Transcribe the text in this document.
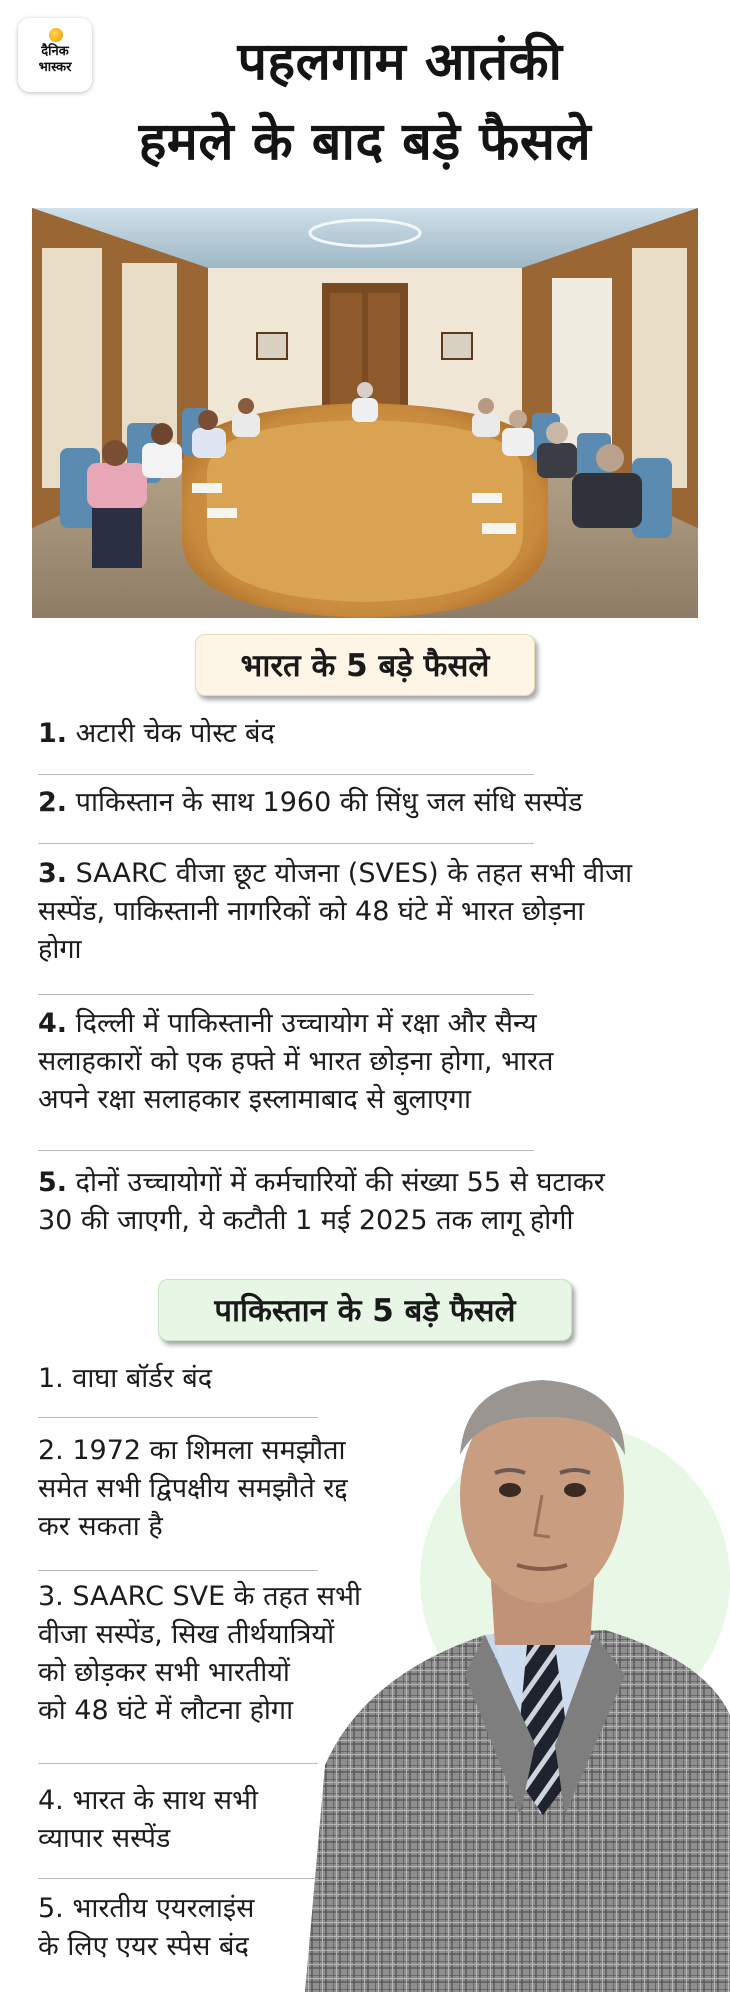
दैनिक
भास्कर	पहलगाम आतंकी
हमले के बाद बड़े फैसले
भारत के 5 बड़े फैसले
1. अटारी चेक पोस्ट बंद
2. पाकिस्तान के साथ 1960 की सिंधु जल संधि सस्पेंड
3. SAARC वीजा छूट योजना (SVES) के तहत सभी वीजा
सस्पेंड, पाकिस्तानी नागरिकों को 48 घंटे में भारत छोड़ना
होगा
4. दिल्ली में पाकिस्तानी उच्चायोग में रक्षा और सैन्य
सलाहकारों को एक हफ्ते में भारत छोड़ना होगा, भारत
अपने रक्षा सलाहकार इस्लामाबाद से बुलाएगा
5. दोनों उच्चायोगों में कर्मचारियों की संख्या 55 से घटाकर
30 की जाएगी, ये कटौती 1 मई 2025 तक लागू होगी
पाकिस्तान के 5 बड़े फैसले
1. वाघा बॉर्डर बंद
2. 1972 का शिमला समझौता
समेत सभी द्विपक्षीय समझौते रद्द
कर सकता है
3. SAARC SVE के तहत सभी
वीजा सस्पेंड, सिख तीर्थयात्रियों
को छोड़कर सभी भारतीयों
को 48 घंटे में लौटना होगा
4. भारत के साथ सभी
व्यापार सस्पेंड
5. भारतीय एयरलाइंस
के लिए एयर स्पेस बंद
